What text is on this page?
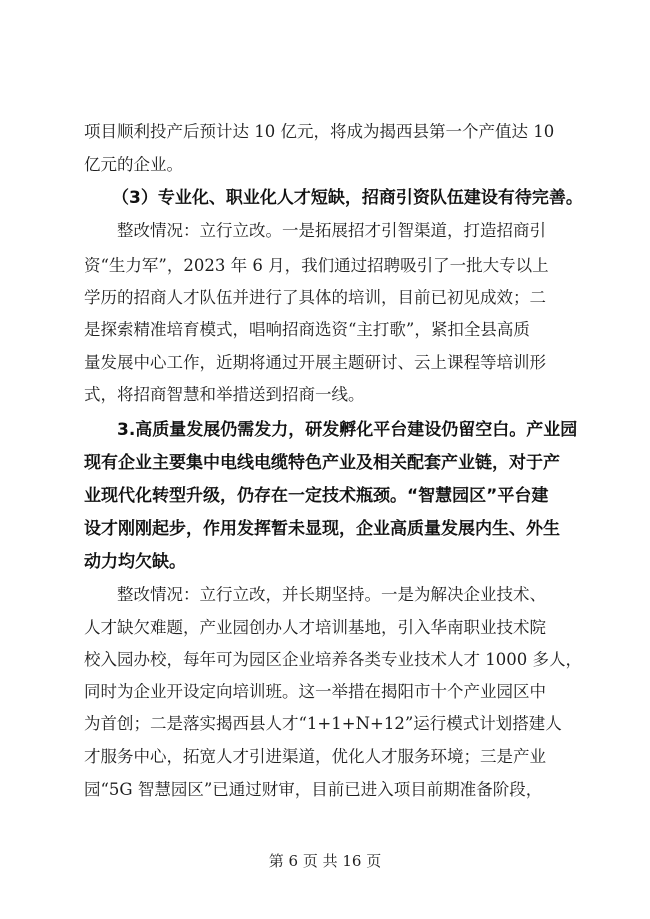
项目顺利投产后预计达 10 亿元，将成为揭西县第一个产值达 10
亿元的企业。
（3）专业化、职业化人才短缺，招商引资队伍建设有待完善。
整改情况：立行立改。一是拓展招才引智渠道，打造招商引
资“生力军”，2023 年 6 月，我们通过招聘吸引了一批大专以上
学历的招商人才队伍并进行了具体的培训，目前已初见成效；二
是探索精准培育模式，唱响招商选资“主打歌”，紧扣全县高质
量发展中心工作，近期将通过开展主题研讨、云上课程等培训形
式，将招商智慧和举措送到招商一线。
3.高质量发展仍需发力，研发孵化平台建设仍留空白。产业园
现有企业主要集中电线电缆特色产业及相关配套产业链，对于产
业现代化转型升级，仍存在一定技术瓶颈。“智慧园区”平台建
设才刚刚起步，作用发挥暂未显现，企业高质量发展内生、外生
动力均欠缺。
整改情况：立行立改，并长期坚持。一是为解决企业技术、
人才缺欠难题，产业园创办人才培训基地，引入华南职业技术院
校入园办校，每年可为园区企业培养各类专业技术人才 1000 多人，
同时为企业开设定向培训班。这一举措在揭阳市十个产业园区中
为首创；二是落实揭西县人才“1+1+N+12”运行模式计划搭建人
才服务中心，拓宽人才引进渠道，优化人才服务环境；三是产业
园“5G 智慧园区”已通过财审，目前已进入项目前期准备阶段，
第 6 页 共 16 页
